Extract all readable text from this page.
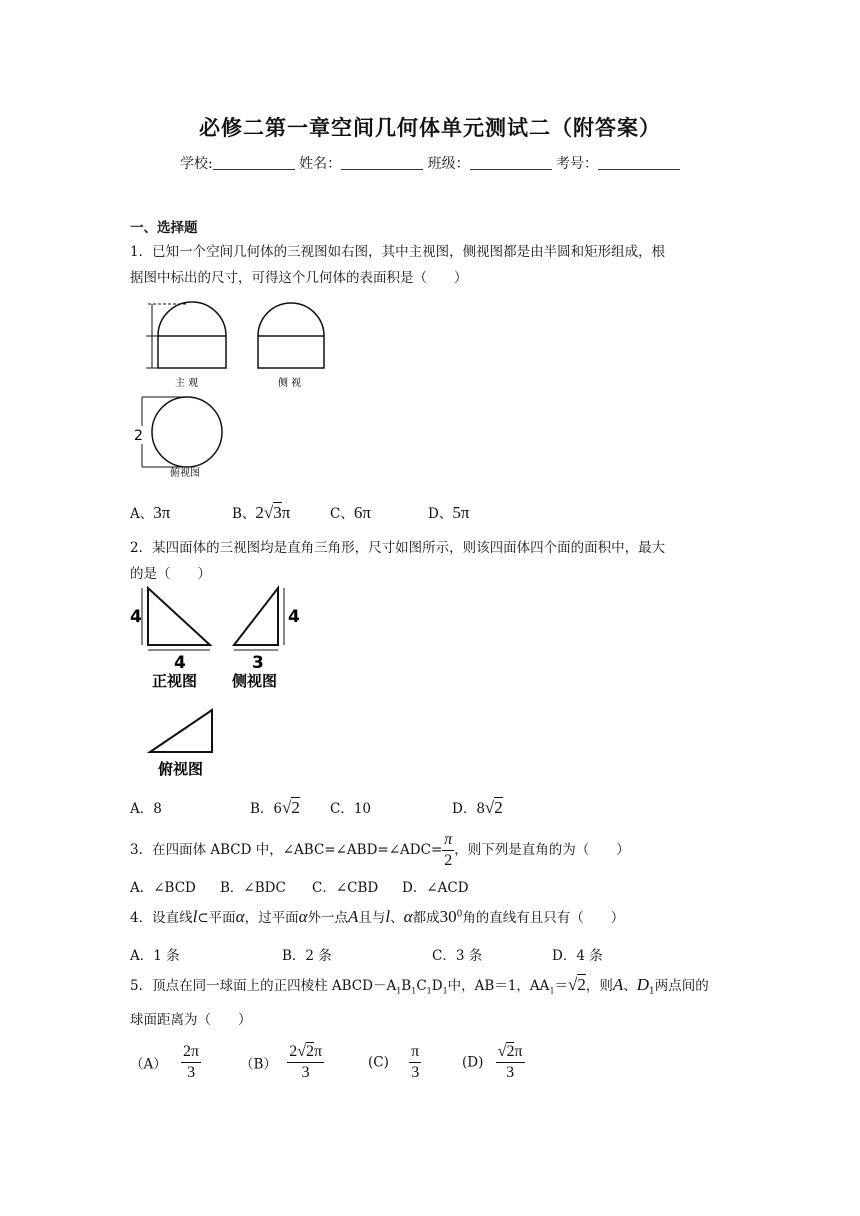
必修二第一章空间几何体单元测试二（附答案）
学校:	姓名：	班级：	考号：
一、选择题
1．已知一个空间几何体的三视图如右图，其中主视图，侧视图都是由半圆和矩形组成，根
据图中标出的尺寸，可得这个几何体的表面积是（　　）
主 观	侧 视
2
俯视图
A、3π	B、2√3π	C、6π	D、5π
2．某四面体的三视图均是直角三角形，尺寸如图所示，则该四面体四个面的面积中，最大
的是（　　）
4
4
正视图
4
3
侧视图
俯视图
A．8	B．6√2 C．10	D．8√2
3．在四面体 ABCD 中，∠ABC=∠ABD=∠ADC= $\frac{\pi}{2}$ ，则下列是直角的为（　　）
A．∠BCD B．∠BDC C．∠CBD D．∠ACD
4．设直线l⊂平面α，过平面α外一点A且与l、α都成$30^0$角的直线有且只有（　　）
A．1 条	B．2 条	C．3 条	D．4 条
5．顶点在同一球面上的正四棱柱 $ABCD-A_1B_1C_1D_1$中，AB＝1，$AA_1=√2$，则A、$D_1$两点间的
球面距离为（　　）
$(A) \frac{2\pi}{3}$	$(B) \frac{2√2\pi}{3}$	$(C) \frac{\pi}{3}$	$(D) \frac{√2\pi}{3}$
